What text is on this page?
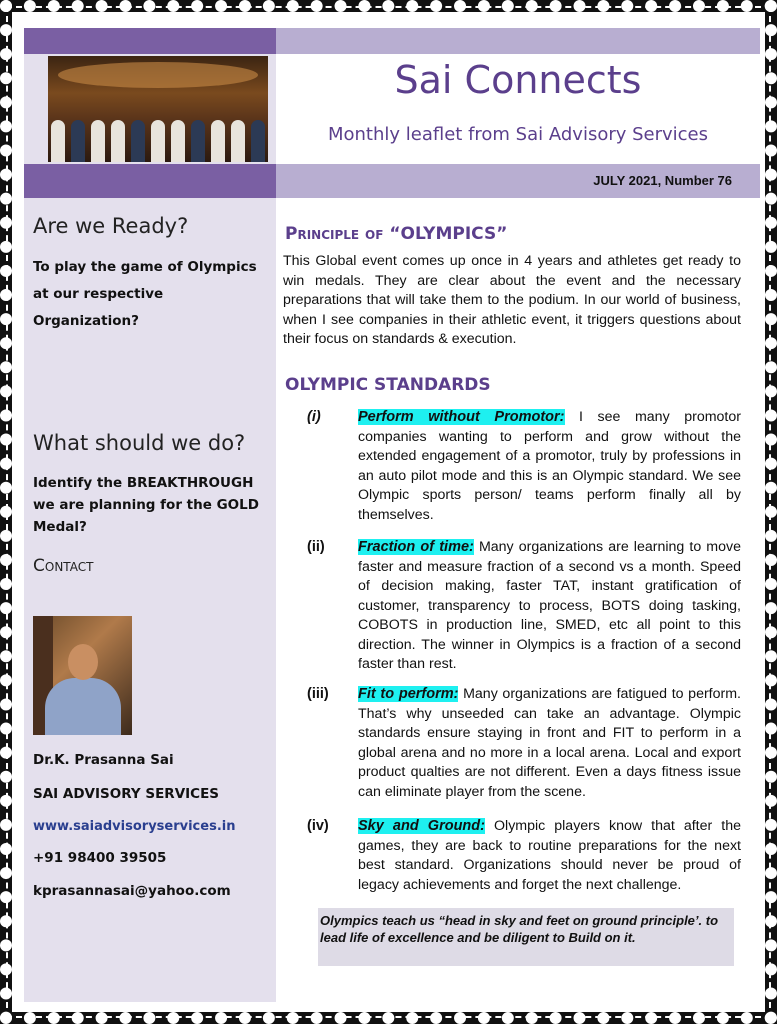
Sai Connects
Monthly leaflet from Sai Advisory Services
JULY 2021, Number 76
Are we Ready?
To play the game of Olympics at our respective Organization?
What should we do?
Identify the BREAKTHROUGH we are planning for the GOLD Medal?
Contact
Dr.K. Prasanna Sai
SAI ADVISORY SERVICES
www.saiadvisoryservices.in
+91 98400 39505
kprasannasai@yahoo.com
Principle of “OLYMPICS”
This Global event comes up once in 4 years and athletes get ready to win medals. They are clear about the event and the necessary preparations that will take them to the podium. In our world of business, when I see companies in their athletic event, it triggers questions about their focus on standards & execution.
OLYMPIC STANDARDS
(i)	Perform without Promotor: I see many promotor companies wanting to perform and grow without the extended engagement of a promotor, truly by professions in an auto pilot mode and this is an Olympic standard. We see Olympic sports person/ teams perform finally all by themselves.
(ii) Fraction of time: Many organizations are learning to move faster and measure fraction of a second vs a month. Speed of decision making, faster TAT, instant gratification of customer, transparency to process, BOTS doing tasking, COBOTS in production line, SMED, etc all point to this direction. The winner in Olympics is a fraction of a second faster than rest.
(iii) Fit to perform: Many organizations are fatigued to perform. That’s why unseeded can take an advantage. Olympic standards ensure staying in front and FIT to perform in a global arena and no more in a local arena. Local and export product qualties are not different. Even a days fitness issue can eliminate player from the scene.
(iv) Sky and Ground: Olympic players know that after the games, they are back to routine preparations for the next best standard. Organizations should never be proud of legacy achievements and forget the next challenge.
Olympics teach us “head in sky and feet on ground principle’. to lead life of excellence and be diligent to Build on it.
